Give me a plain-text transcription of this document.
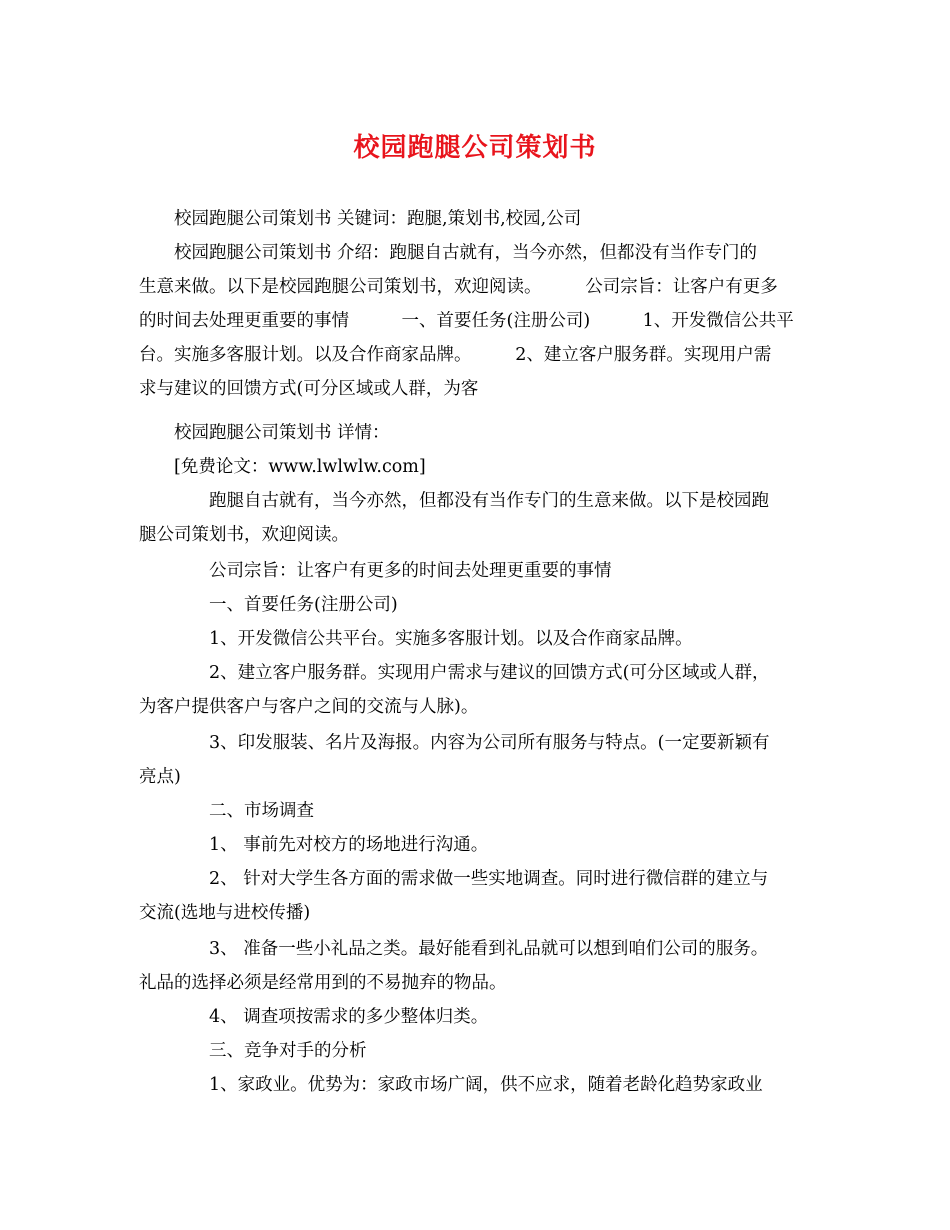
校园跑腿公司策划书
　　校园跑腿公司策划书 关键词：跑腿,策划书,校园,公司
　　校园跑腿公司策划书 介绍：跑腿自古就有，当今亦然，但都没有当作专门的
生意来做。以下是校园跑腿公司策划书，欢迎阅读。　　　公司宗旨：让客户有更多
的时间去处理更重要的事情　　　一、首要任务(注册公司)　　　1、开发微信公共平
台。实施多客服计划。以及合作商家品牌。　　　2、建立客户服务群。实现用户需
求与建议的回馈方式(可分区域或人群，为客
　　校园跑腿公司策划书 详情：
　　[免费论文：www.lwlwlw.com]
　　　　跑腿自古就有，当今亦然，但都没有当作专门的生意来做。以下是校园跑
腿公司策划书，欢迎阅读。
　　　　公司宗旨：让客户有更多的时间去处理更重要的事情
　　　　一、首要任务(注册公司)
　　　　1、开发微信公共平台。实施多客服计划。以及合作商家品牌。
　　　　2、建立客户服务群。实现用户需求与建议的回馈方式(可分区域或人群，
为客户提供客户与客户之间的交流与人脉)。
　　　　3、印发服装、名片及海报。内容为公司所有服务与特点。(一定要新颖有
亮点)
　　　　二、市场调查
　　　　1、 事前先对校方的场地进行沟通。
　　　　2、 针对大学生各方面的需求做一些实地调查。同时进行微信群的建立与
交流(选地与进校传播)
　　　　3、 准备一些小礼品之类。最好能看到礼品就可以想到咱们公司的服务。
礼品的选择必须是经常用到的不易抛弃的物品。
　　　　4、 调查项按需求的多少整体归类。
　　　　三、竞争对手的分析
　　　　1、家政业。优势为：家政市场广阔，供不应求，随着老龄化趋势家政业
